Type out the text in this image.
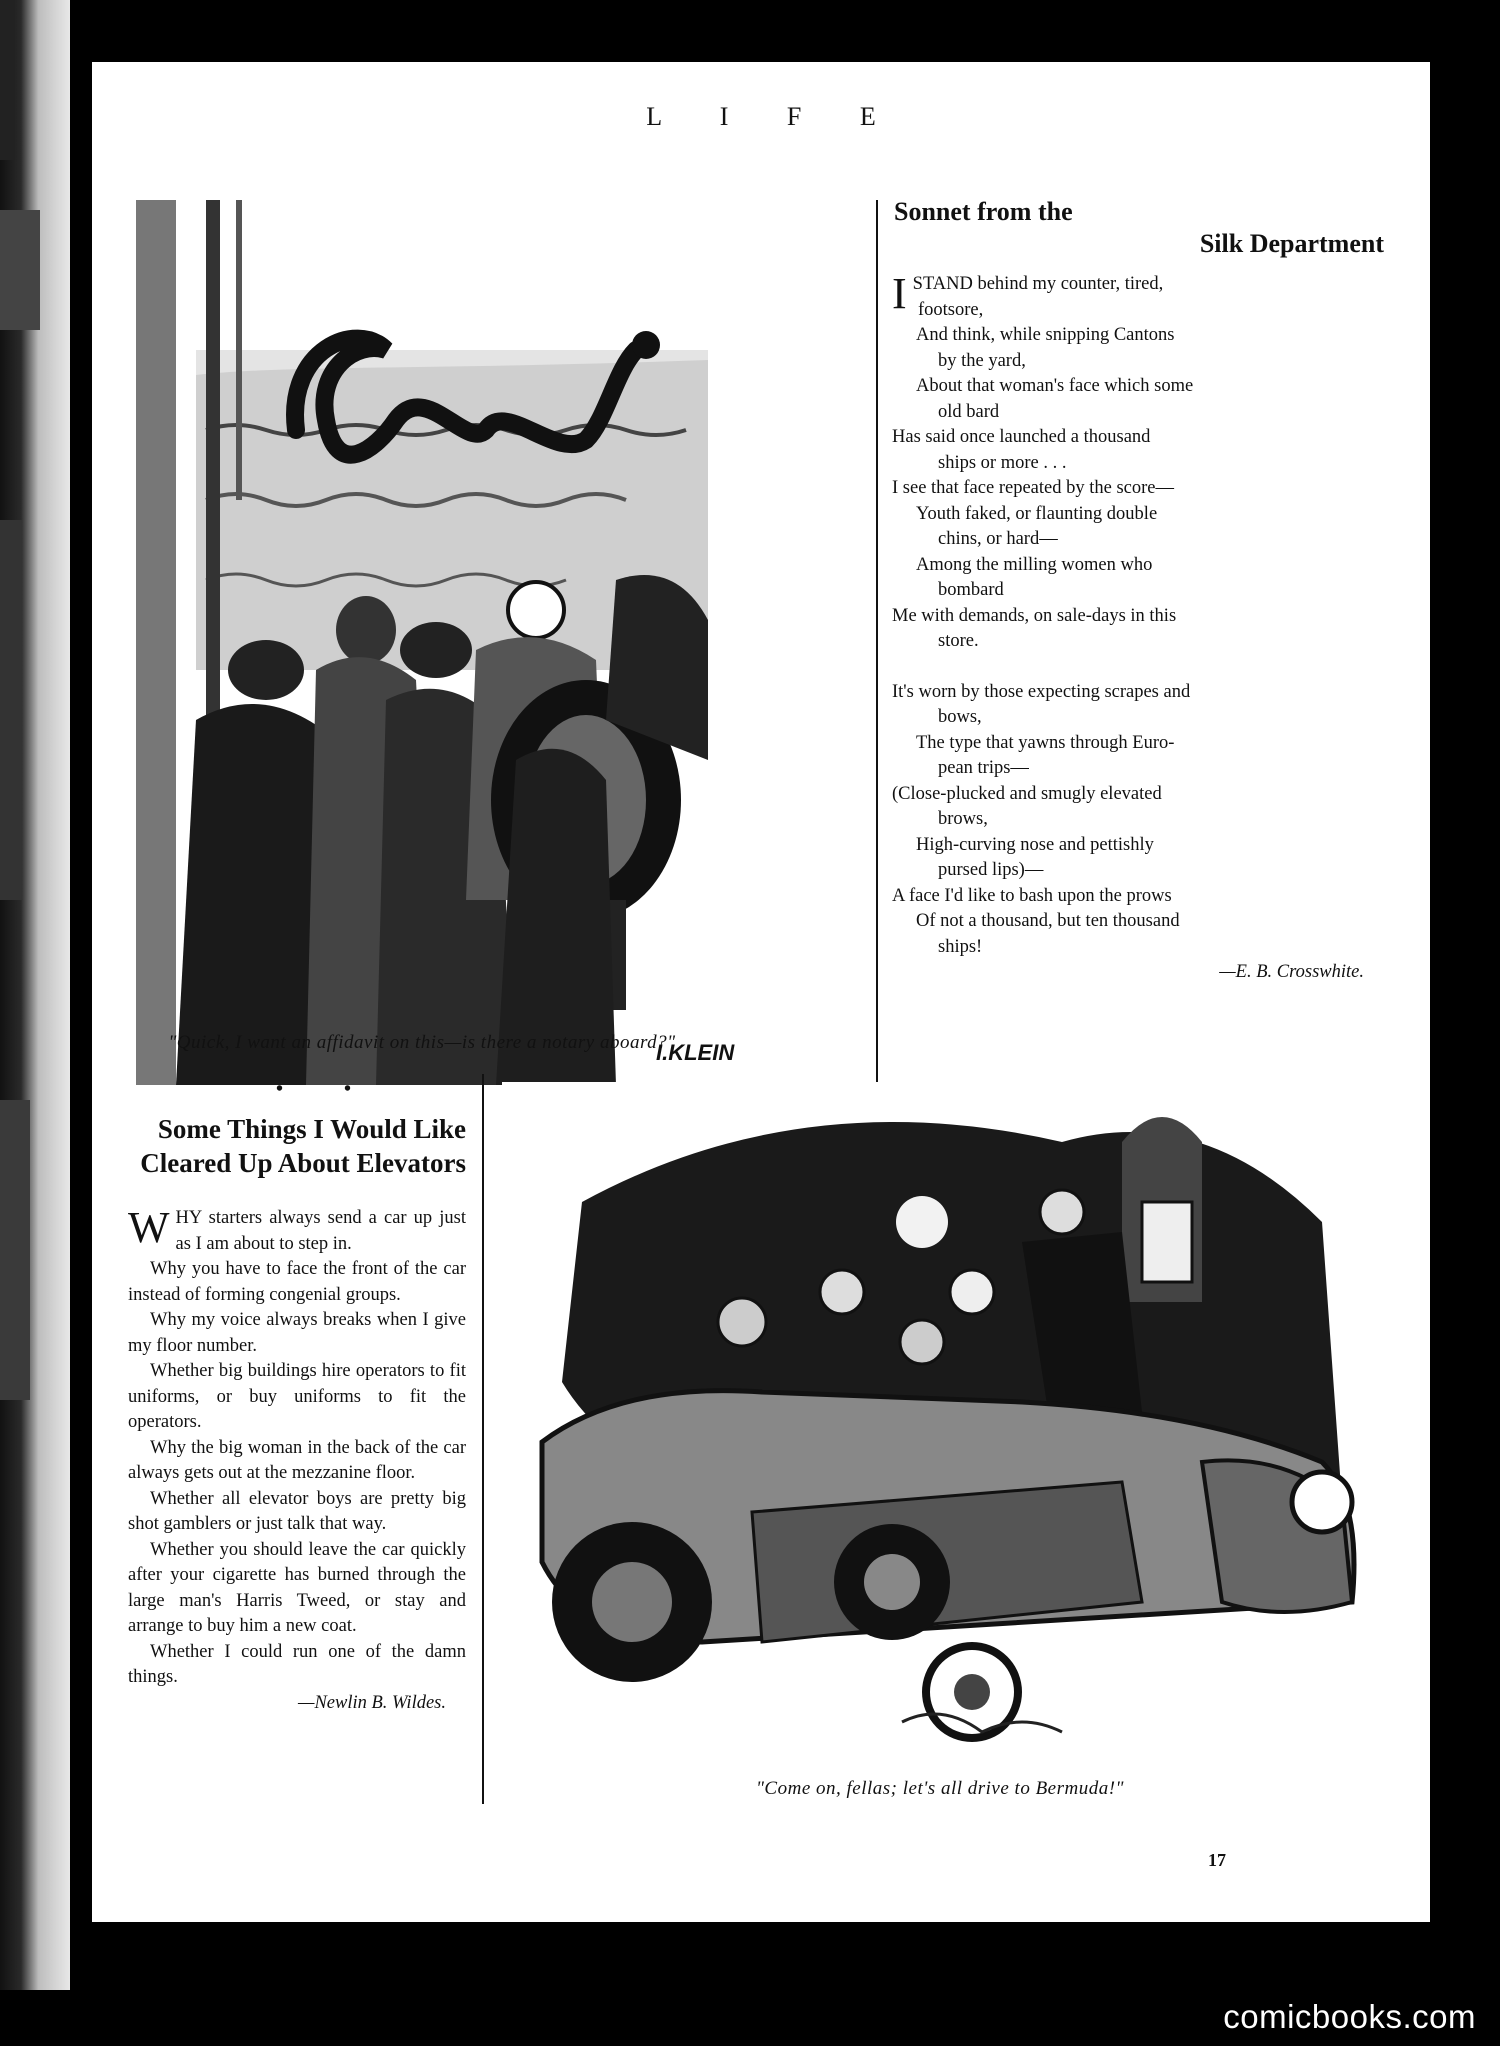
L I F E
I.KLEIN
"Quick, I want an affidavit on this—is there a notary aboard?"
Sonnet from the
Silk Department
ISTAND behind my counter, tired,
footsore,
And think, while snipping Cantons
by the yard,
About that woman's face which some
old bard
Has said once launched a thousand
ships or more . . .
I see that face repeated by the score—
Youth faked, or flaunting double
chins, or hard—
Among the milling women who
bombard
Me with demands, on sale-days in this
store.
It's worn by those expecting scrapes and
bows,
The type that yawns through Euro-
pean trips—
(Close-plucked and smugly elevated
brows,
High-curving nose and pettishly
pursed lips)—
A face I'd like to bash upon the prows
Of not a thousand, but ten thousand
ships!
—E. B. Crosswhite.
• •
Some Things I Would Like
Cleared Up About Elevators

WHY starters always send a car up just as I am about to step in.

Why you have to face the front of the car instead of forming congenial groups.

Why my voice always breaks when I give my floor number.

Whether big buildings hire operators to fit uniforms, or buy uniforms to fit the operators.

Why the big woman in the back of the car always gets out at the mezzanine floor.

Whether all elevator boys are pretty big shot gamblers or just talk that way.

Whether you should leave the car quickly after your cigarette has burned through the large man's Harris Tweed, or stay and arrange to buy him a new coat.

Whether I could run one of the damn things.

—Newlin B. Wildes.

"Come on, fellas; let's all drive to Bermuda!"
17
comicbooks.com
